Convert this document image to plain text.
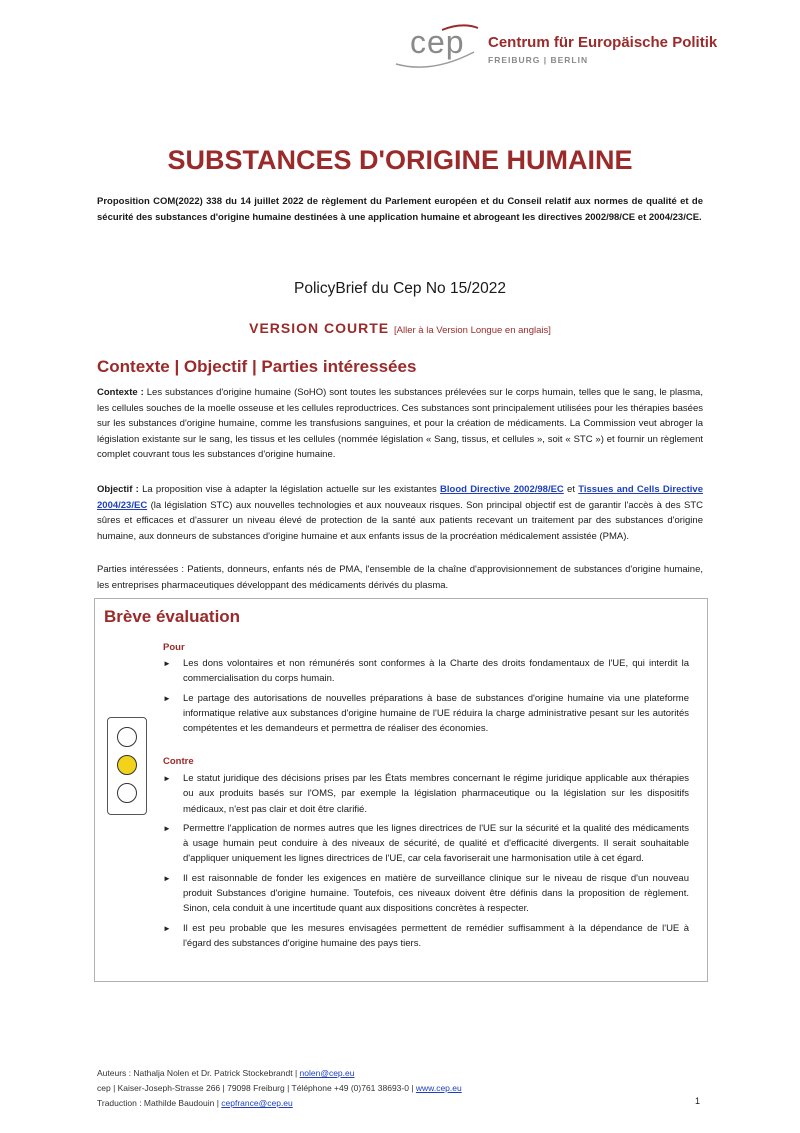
cep Centrum für Europäische Politik
FREIBURG | BERLIN
SUBSTANCES D'ORIGINE HUMAINE
Proposition COM(2022) 338 du 14 juillet 2022 de règlement du Parlement européen et du Conseil relatif aux normes de qualité et de sécurité des substances d'origine humaine destinées à une application humaine et abrogeant les directives 2002/98/CE et 2004/23/CE.
PolicyBrief du Cep No 15/2022
VERSION COURTE [Aller à la Version Longue en anglais]
Contexte | Objectif | Parties intéressées
Contexte : Les substances d'origine humaine (SoHO) sont toutes les substances prélevées sur le corps humain, telles que le sang, le plasma, les cellules souches de la moelle osseuse et les cellules reproductrices. Ces substances sont principalement utilisées pour les thérapies basées sur les substances d'origine humaine, comme les transfusions sanguines, et pour la création de médicaments. La Commission veut abroger la législation existante sur le sang, les tissus et les cellules (nommée législation « Sang, tissus, et cellules », soit « STC ») et fournir un règlement complet couvrant tous les substances d'origine humaine.
Objectif : La proposition vise à adapter la législation actuelle sur les existantes Blood Directive 2002/98/EC et Tissues and Cells Directive 2004/23/EC (la législation STC) aux nouvelles technologies et aux nouveaux risques. Son principal objectif est de garantir l'accès à des STC sûres et efficaces et d'assurer un niveau élevé de protection de la santé aux patients recevant un traitement par des substances d'origine humaine, aux donneurs de substances d'origine humaine et aux enfants issus de la procréation médicalement assistée (PMA).
Parties intéressées : Patients, donneurs, enfants nés de PMA, l'ensemble de la chaîne d'approvisionnement de substances d'origine humaine, les entreprises pharmaceutiques développant des médicaments dérivés du plasma.
Brève évaluation
Pour
► Les dons volontaires et non rémunérés sont conformes à la Charte des droits fondamentaux de l'UE, qui interdit la commercialisation du corps humain.
► Le partage des autorisations de nouvelles préparations à base de substances d'origine humaine via une plateforme informatique relative aux substances d'origine humaine de l'UE réduira la charge administrative pesant sur les autorités compétentes et les demandeurs et permettra de réaliser des économies.
Contre
► Le statut juridique des décisions prises par les États membres concernant le régime juridique applicable aux thérapies ou aux produits basés sur l'OMS, par exemple la législation pharmaceutique ou la législation sur les dispositifs médicaux, n'est pas clair et doit être clarifié.
► Permettre l'application de normes autres que les lignes directrices de l'UE sur la sécurité et la qualité des médicaments à usage humain peut conduire à des niveaux de sécurité, de qualité et d'efficacité divergents. Il serait souhaitable d'appliquer uniquement les lignes directrices de l'UE, car cela favoriserait une harmonisation utile à cet égard.
► Il est raisonnable de fonder les exigences en matière de surveillance clinique sur le niveau de risque d'un nouveau produit Substances d'origine humaine. Toutefois, ces niveaux doivent être définis dans la proposition de règlement. Sinon, cela conduit à une incertitude quant aux dispositions concrètes à respecter.
► Il est peu probable que les mesures envisagées permettent de remédier suffisamment à la dépendance de l'UE à l'égard des substances d'origine humaine des pays tiers.
Auteurs : Nathalja Nolen et Dr. Patrick Stockebrandt | nolen@cep.eu
cep | Kaiser-Joseph-Strasse 266 | 79098 Freiburg | Téléphone +49 (0)761 38693-0 | www.cep.eu
Traduction : Mathilde Baudouin | cepfrance@cep.eu	1
